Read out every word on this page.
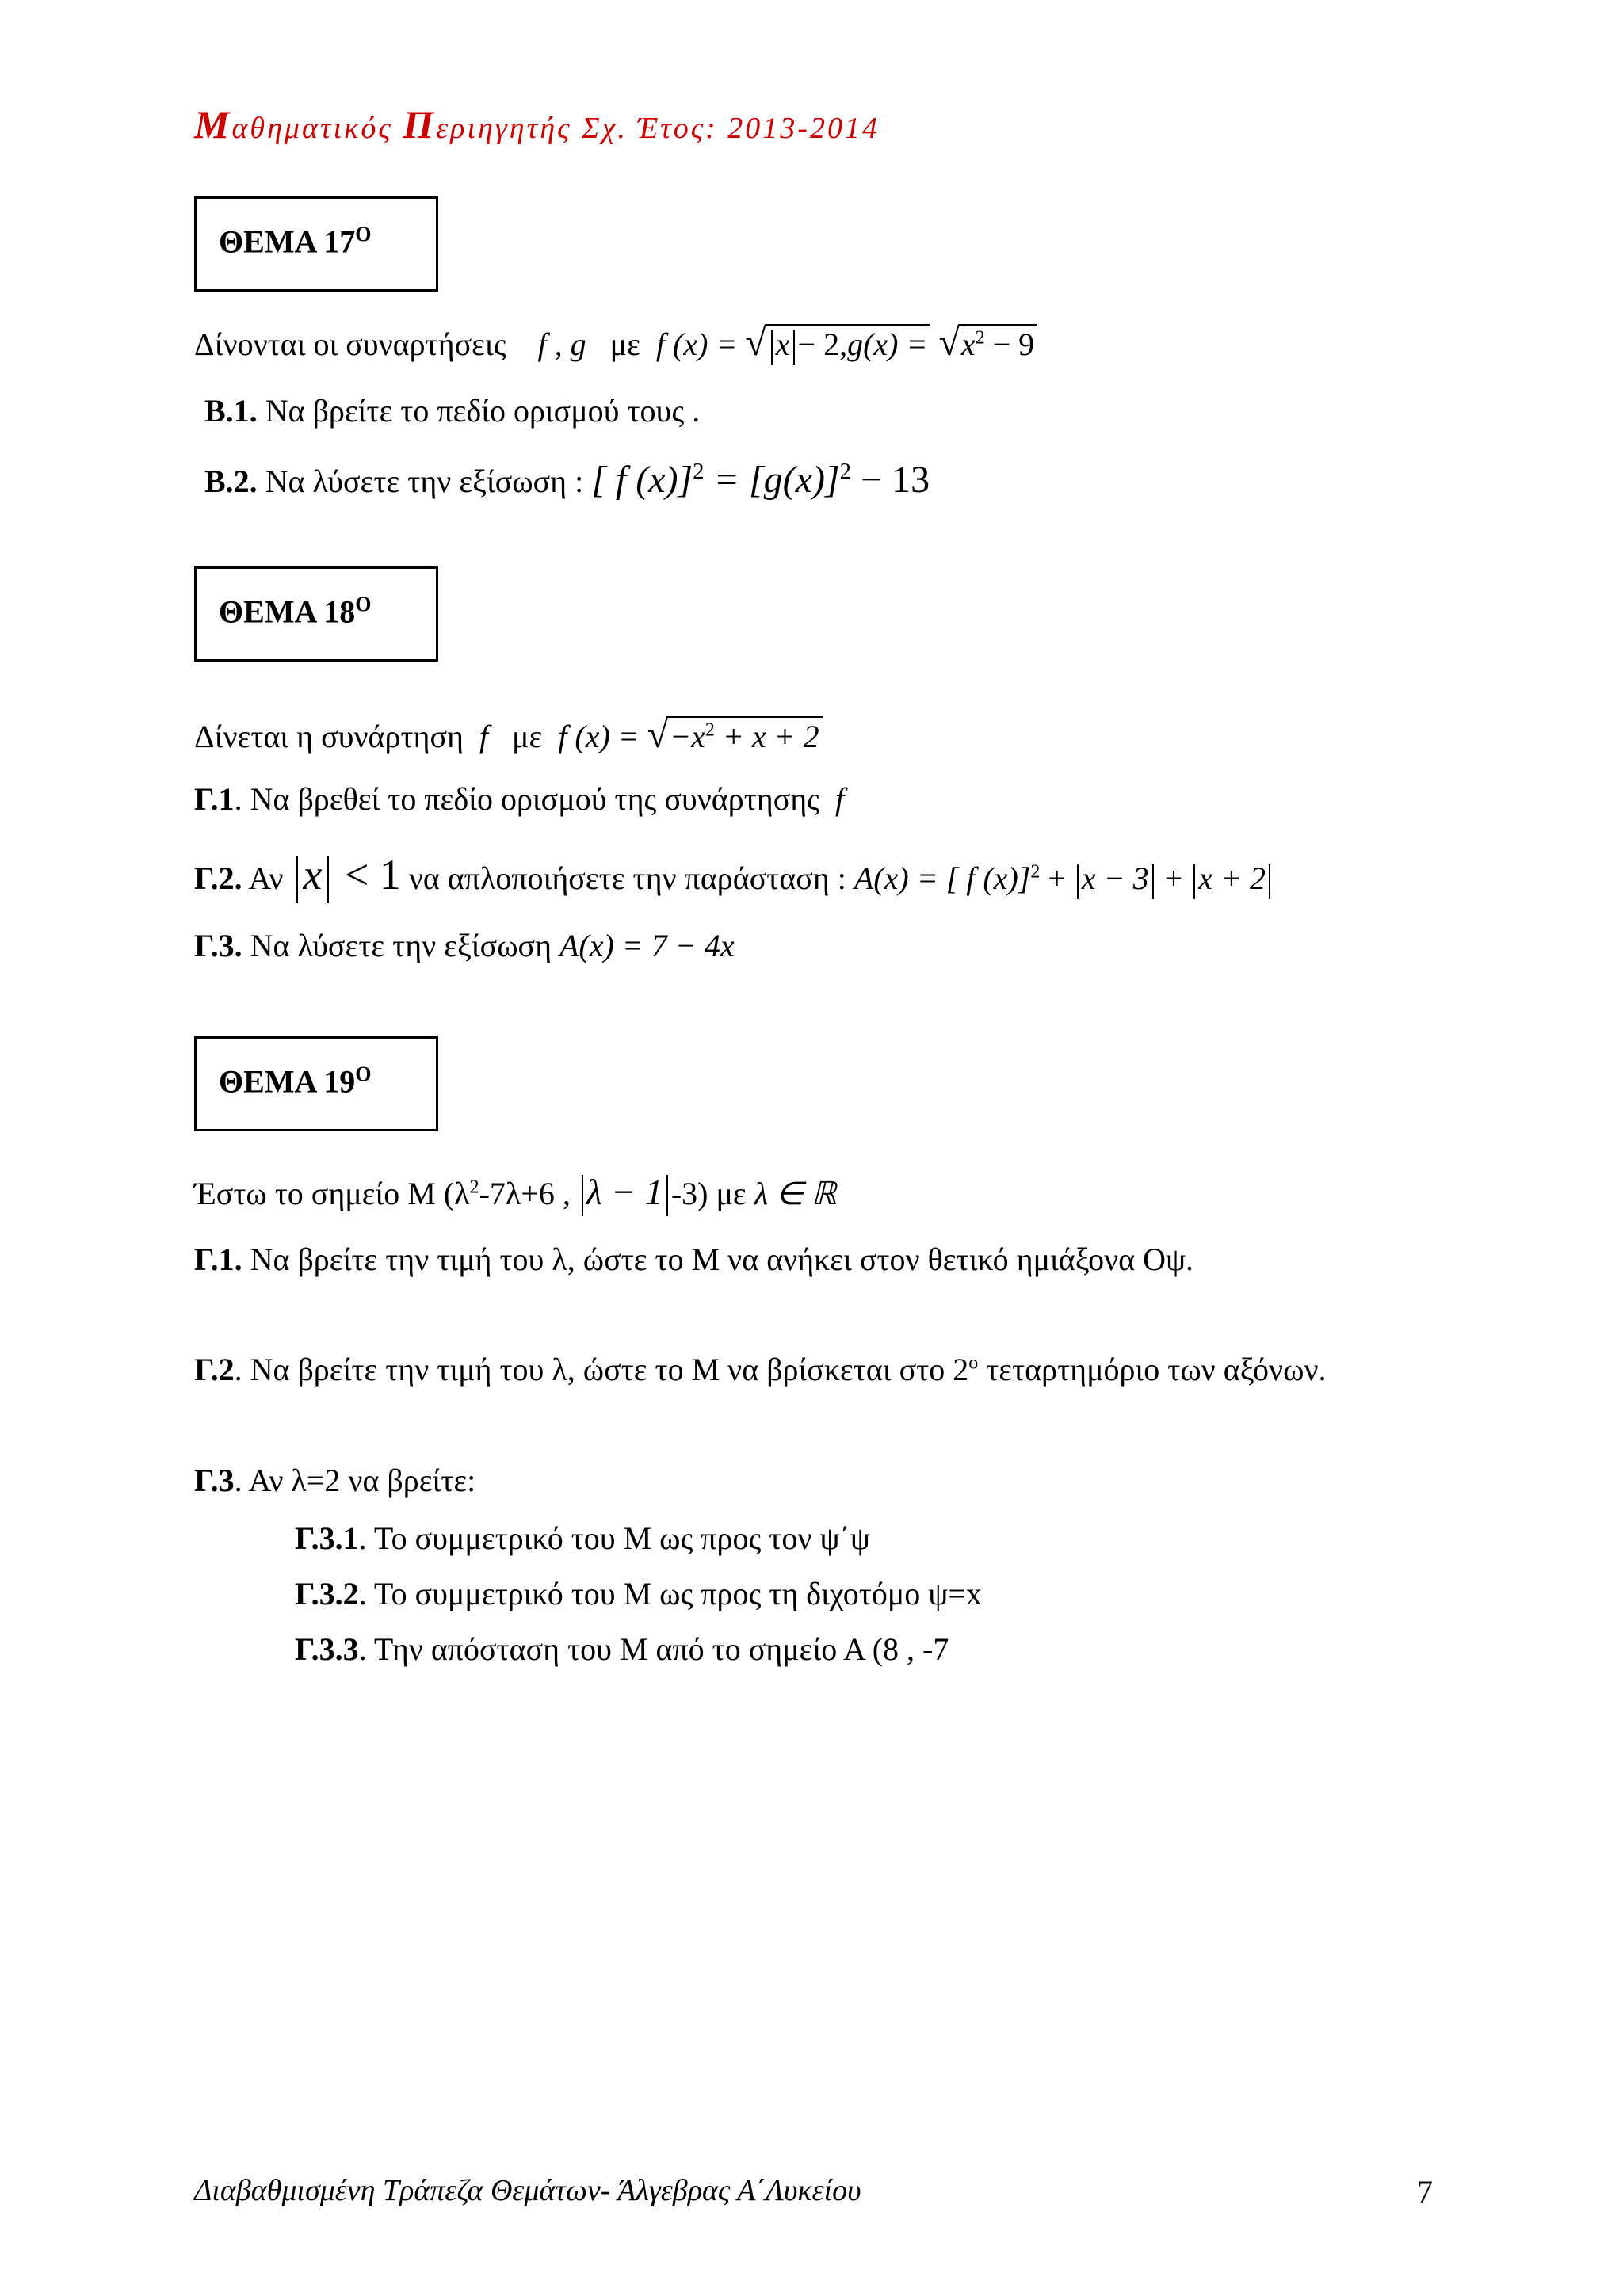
Μαθηματικός Περιηγητής Σχ. Έτος: 2013-2014
ΘΕΜΑ $17^O$
Δίνονται οι συναρτήσεις f , g με f (x) = √ $x - 2,g(x) = √x^2 - 9$
B.1. Να βρείτε το πεδίο ορισμού τους .
B.2. Να λύσετε την εξίσωση : [ f $(x)]^2 = [g(x)]^2 - 13$
ΘΕΜΑ $18^O$
Δίνεται η συνάρτηση f με f $(x) = √-x^2 + x + 2$
Γ.1. Να βρεθεί το πεδίο ορισμού της συνάρτησης f
Γ.2. Αν x < 1 να απλοποιήσετε την παράσταση : A(x) = [ f (x)]$^2$ + x − 3 + x + 2
Γ.3. Να λύσετε την εξίσωση A(x) = 7 − 4x
ΘΕΜΑ $19^O$
Έστω το σημείο Μ ($\lambda^2-7\lambda+6$ , λ − 1 -3) με λ ∈ ℝ
Γ.1. Να βρείτε την τιμή του λ, ώστε το Μ να ανήκει στον θετικό ημιάξονα Οψ.
Γ.2. Να βρείτε την τιμή του λ, ώστε το Μ να βρίσκεται στο $2^o$ τεταρτημόριο των αξόνων.
Γ.3. Αν λ=2 να βρείτε:
Γ.3.1. Το συμμετρικό του Μ ως προς τον ψ΄ψ
Γ.3.2. Το συμμετρικό του Μ ως προς τη διχοτόμο ψ=x
Γ.3.3. Την απόσταση του Μ από το σημείο Α (8 , -7
Διαβαθμισμένη Τράπεζα Θεμάτων- Άλγεβρας Α΄Λυκείου	7
